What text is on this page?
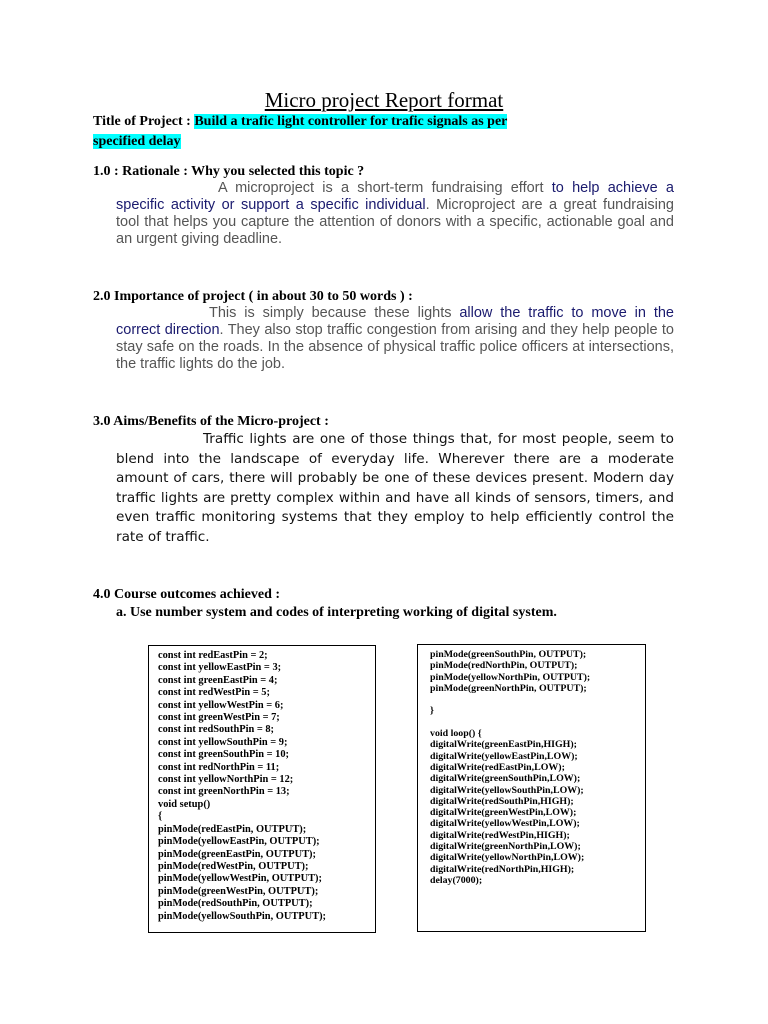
Micro project Report format
Title of Project : Build a trafic light controller for trafic signals as per
specified delay
1.0 : Rationale : Why you selected this topic ?
A microproject is a short-term fundraising effort to help achieve a specific activity or support a specific individual. Microproject are a great fundraising tool that helps you capture the attention of donors with a specific, actionable goal and an urgent giving deadline.
2.0 Importance of project ( in about 30 to 50 words ) :
This is simply because these lights allow the traffic to move in the correct direction. They also stop traffic congestion from arising and they help people to stay safe on the roads. In the absence of physical traffic police officers at intersections, the traffic lights do the job.
3.0 Aims/Benefits of the Micro-project :
Traffic lights are one of those things that, for most people, seem to blend into the landscape of everyday life. Wherever there are a moderate amount of cars, there will probably be one of these devices present. Modern day traffic lights are pretty complex within and have all kinds of sensors, timers, and even traffic monitoring systems that they employ to help efficiently control the rate of traffic.
4.0 Course outcomes achieved :
a. Use number system and codes of interpreting working of digital system.
const int redEastPin = 2;
const int yellowEastPin = 3;
const int greenEastPin = 4;
const int redWestPin = 5;
const int yellowWestPin = 6;
const int greenWestPin = 7;
const int redSouthPin = 8;
const int yellowSouthPin = 9;
const int greenSouthPin = 10;
const int redNorthPin = 11;
const int yellowNorthPin = 12;
const int greenNorthPin = 13;
void setup()
{
pinMode(redEastPin, OUTPUT);
pinMode(yellowEastPin, OUTPUT);
pinMode(greenEastPin, OUTPUT);
pinMode(redWestPin, OUTPUT);
pinMode(yellowWestPin, OUTPUT);
pinMode(greenWestPin, OUTPUT);
pinMode(redSouthPin, OUTPUT);
pinMode(yellowSouthPin, OUTPUT);
pinMode(greenSouthPin, OUTPUT);
pinMode(redNorthPin, OUTPUT);
pinMode(yellowNorthPin, OUTPUT);
pinMode(greenNorthPin, OUTPUT);

}

void loop() {
digitalWrite(greenEastPin,HIGH);
digitalWrite(yellowEastPin,LOW);
digitalWrite(redEastPin,LOW);
digitalWrite(greenSouthPin,LOW);
digitalWrite(yellowSouthPin,LOW);
digitalWrite(redSouthPin,HIGH);
digitalWrite(greenWestPin,LOW);
digitalWrite(yellowWestPin,LOW);
digitalWrite(redWestPin,HIGH);
digitalWrite(greenNorthPin,LOW);
digitalWrite(yellowNorthPin,LOW);
digitalWrite(redNorthPin,HIGH);
delay(7000);
